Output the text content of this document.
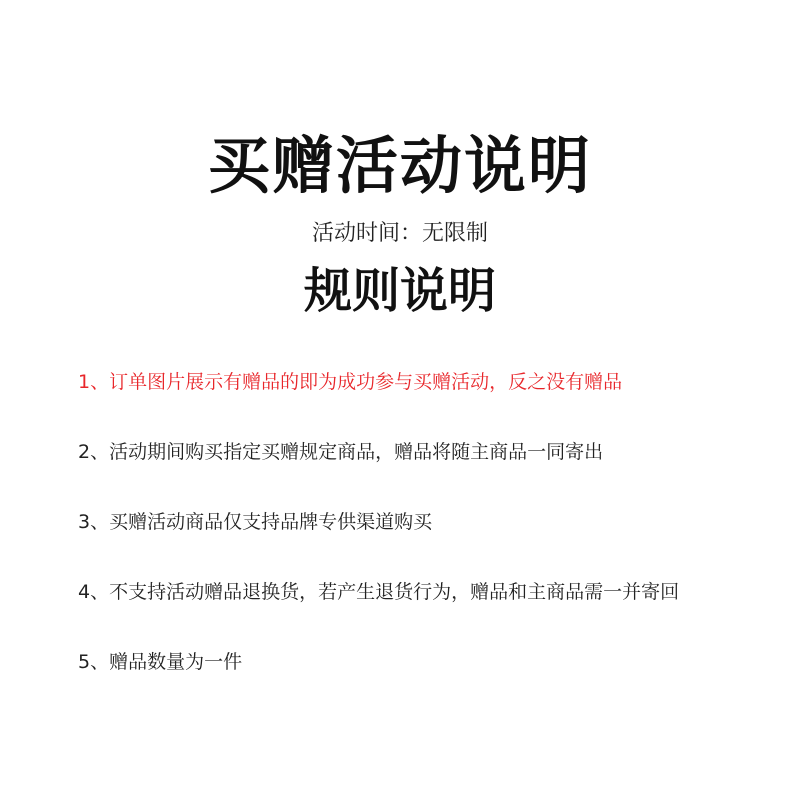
买赠活动说明
活动时间：无限制
规则说明
1、订单图片展示有赠品的即为成功参与买赠活动，反之没有赠品
2、活动期间购买指定买赠规定商品，赠品将随主商品一同寄出
3、买赠活动商品仅支持品牌专供渠道购买
4、不支持活动赠品退换货，若产生退货行为，赠品和主商品需一并寄回
5、赠品数量为一件
